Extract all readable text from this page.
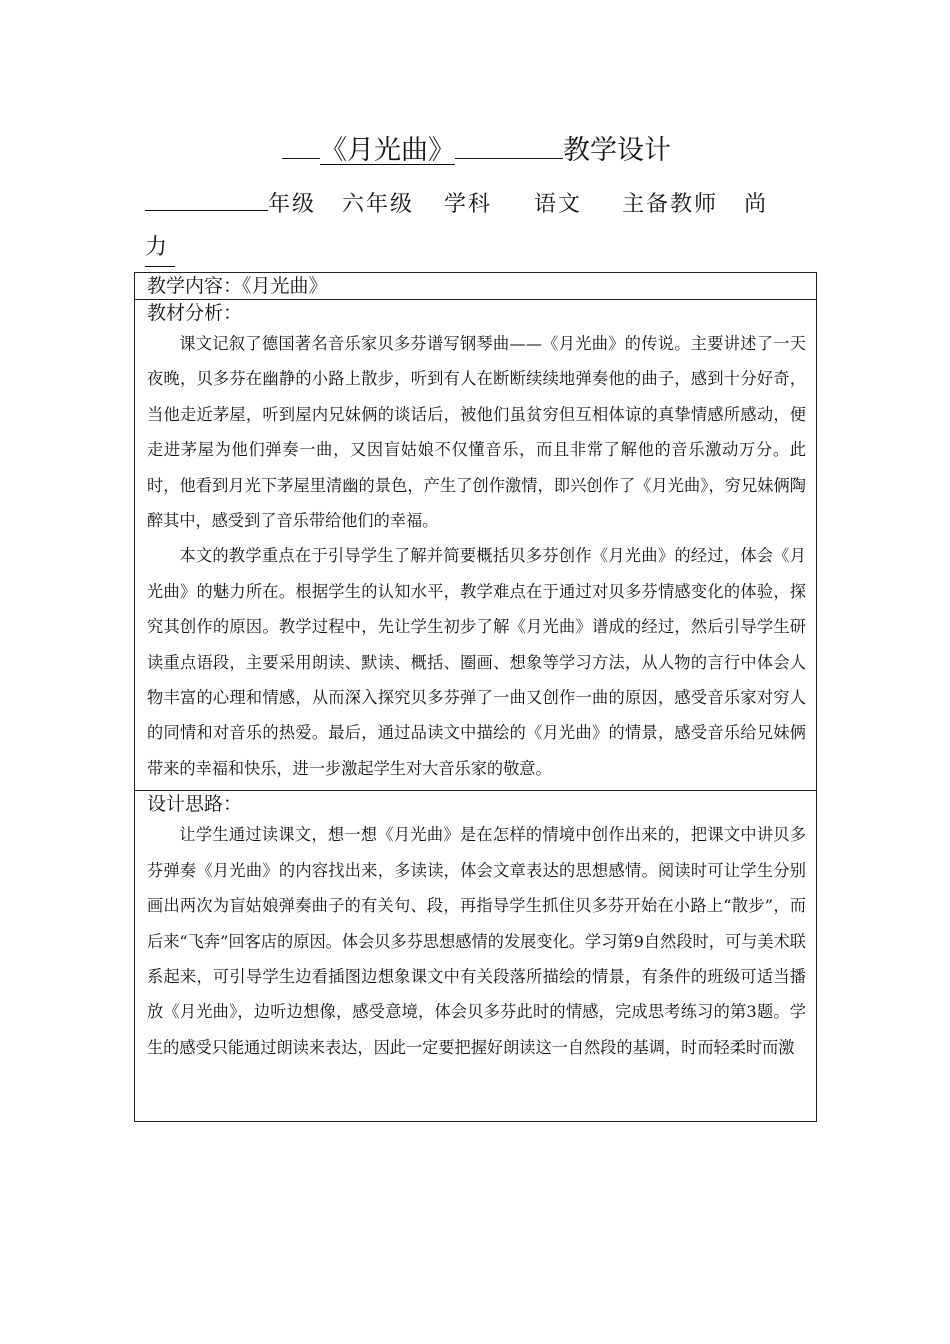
《月光曲》	教学设计
年级 六年级 学科 语文 主备教师 尚
力
教学内容：《月光曲》

教材分析：

课文记叙了德国著名音乐家贝多芬谱写钢琴曲——《月光曲》的传说。主要讲述了一天夜晚，贝多芬在幽静的小路上散步，听到有人在断断续续地弹奏他的曲子，感到十分好奇，当他走近茅屋，听到屋内兄妹俩的谈话后，被他们虽贫穷但互相体谅的真挚情感所感动，便走进茅屋为他们弹奏一曲，又因盲姑娘不仅懂音乐，而且非常了解他的音乐激动万分。此时，他看到月光下茅屋里清幽的景色，产生了创作激情，即兴创作了《月光曲》，穷兄妹俩陶醉其中，感受到了音乐带给他们的幸福。

本文的教学重点在于引导学生了解并简要概括贝多芬创作《月光曲》的经过，体会《月光曲》的魅力所在。根据学生的认知水平，教学难点在于通过对贝多芬情感变化的体验，探究其创作的原因。教学过程中，先让学生初步了解《月光曲》谱成的经过，然后引导学生研读重点语段，主要采用朗读、默读、概括、圈画、想象等学习方法，从人物的言行中体会人物丰富的心理和情感，从而深入探究贝多芬弹了一曲又创作一曲的原因，感受音乐家对穷人的同情和对音乐的热爱。最后，通过品读文中描绘的《月光曲》的情景，感受音乐给兄妹俩带来的幸福和快乐，进一步激起学生对大音乐家的敬意。

设计思路：

让学生通过读课文，想一想《月光曲》是在怎样的情境中创作出来的，把课文中讲贝多芬弹奏《月光曲》的内容找出来，多读读，体会文章表达的思想感情。阅读时可让学生分别画出两次为盲姑娘弹奏曲子的有关句、段，再指导学生抓住贝多芬开始在小路上“散步”，而后来“飞奔”回客店的原因。体会贝多芬思想感情的发展变化。学习第9自然段时，可与美术联系起来，可引导学生边看插图边想象课文中有关段落所描绘的情景，有条件的班级可适当播放《月光曲》，边听边想像，感受意境，体会贝多芬此时的情感，完成思考练习的第3题。学生的感受只能通过朗读来表达，因此一定要把握好朗读这一自然段的基调，时而轻柔时而激
